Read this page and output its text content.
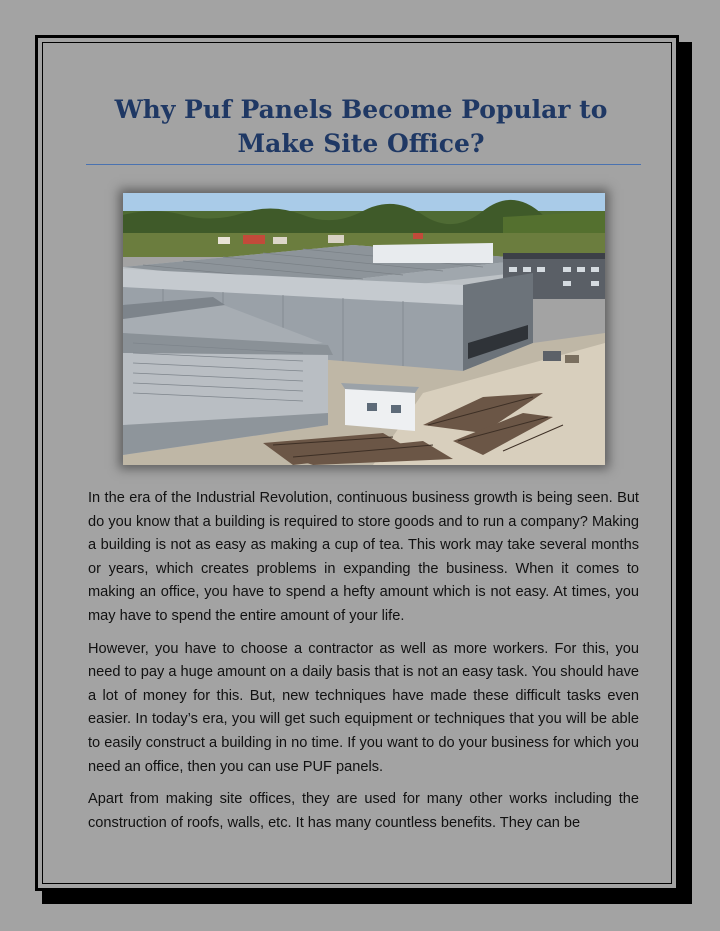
Why Puf Panels Become Popular to
Make Site Office?

In the era of the Industrial Revolution, continuous business growth is being seen. But do you know that a building is required to store goods and to run a company? Making a building is not as easy as making a cup of tea. This work may take several months or years, which creates problems in expanding the business. When it comes to making an office, you have to spend a hefty amount which is not easy. At times, you may have to spend the entire amount of your life.

However, you have to choose a contractor as well as more workers. For this, you need to pay a huge amount on a daily basis that is not an easy task. You should have a lot of money for this. But, new techniques have made these difficult tasks even easier. In today’s era, you will get such equipment or techniques that you will be able to easily construct a building in no time. If you want to do your business for which you need an office, then you can use PUF panels.

Apart from making site offices, they are used for many other works including the construction of roofs, walls, etc. It has many countless benefits. They can be
